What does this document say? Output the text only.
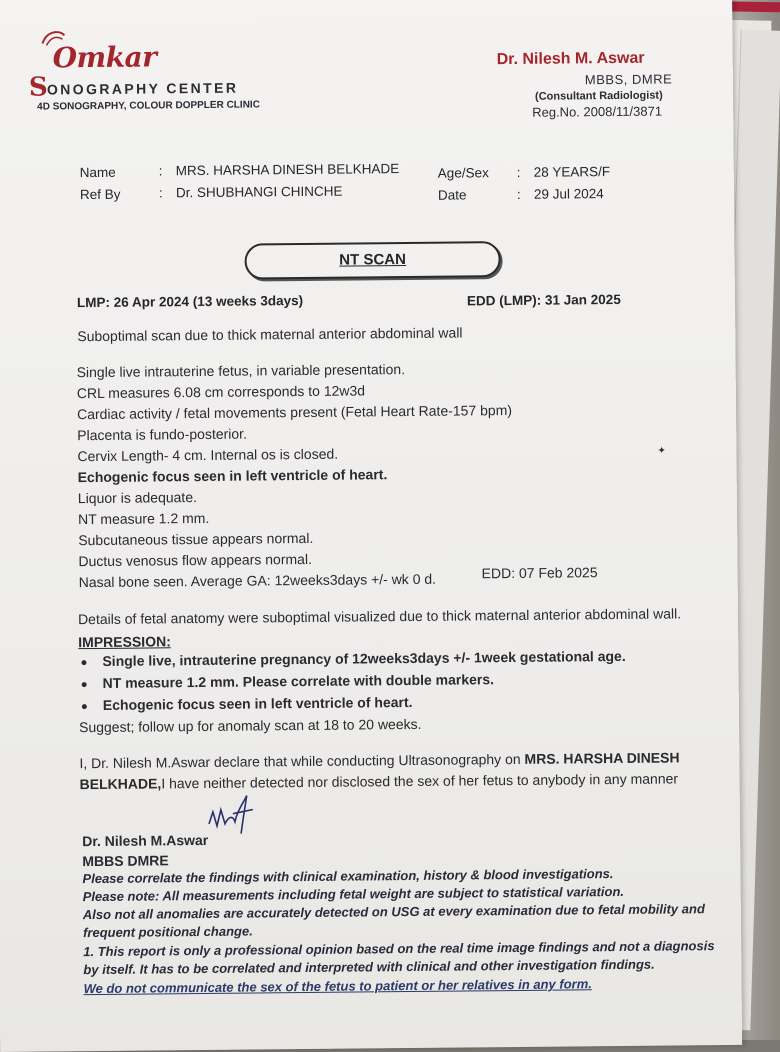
Omkar
S ONOGRAPHY CENTER
4D SONOGRAPHY, COLOUR DOPPLER CLINIC
Dr. Nilesh M. Aswar
MBBS, DMRE
(Consultant Radiologist)
Reg.No. 2008/11/3871
Name	: MRS. HARSHA DINESH BELKHADE
Ref By	: Dr. SHUBHANGI CHINCHE
Age/Sex : 28 YEARS/F
Date	: 29 Jul 2024
NT SCAN
LMP: 26 Apr 2024 (13 weeks 3days)	EDD (LMP): 31 Jan 2025
Suboptimal scan due to thick maternal anterior abdominal wall
Single live intrauterine fetus, in variable presentation.
CRL measures 6.08 cm corresponds to 12w3d
Cardiac activity / fetal movements present (Fetal Heart Rate-157 bpm)
Placenta is fundo-posterior.
Cervix Length- 4 cm. Internal os is closed.
Echogenic focus seen in left ventricle of heart.
Liquor is adequate.
NT measure 1.2 mm.
Subcutaneous tissue appears normal.
Ductus venosus flow appears normal.
Nasal bone seen. Average GA: 12weeks3days +/- wk 0 d.	EDD: 07 Feb 2025
✦
Details of fetal anatomy were suboptimal visualized due to thick maternal anterior abdominal wall.
IMPRESSION:
Single live, intrauterine pregnancy of 12weeks3days +/- 1week gestational age.
NT measure 1.2 mm. Please correlate with double markers.
Echogenic focus seen in left ventricle of heart.
Suggest; follow up for anomaly scan at 18 to 20 weeks.
I, Dr. Nilesh M.Aswar declare that while conducting Ultrasonography on MRS. HARSHA DINESH
BELKHADE,I have neither detected nor disclosed the sex of her fetus to anybody in any manner
Dr. Nilesh M.Aswar
MBBS DMRE
Please correlate the findings with clinical examination, history & blood investigations.
Please note: All measurements including fetal weight are subject to statistical variation.
Also not all anomalies are accurately detected on USG at every examination due to fetal mobility and
frequent positional change.
1. This report is only a professional opinion based on the real time image findings and not a diagnosis
by itself. It has to be correlated and interpreted with clinical and other investigation findings.
We do not communicate the sex of the fetus to patient or her relatives in any form.
